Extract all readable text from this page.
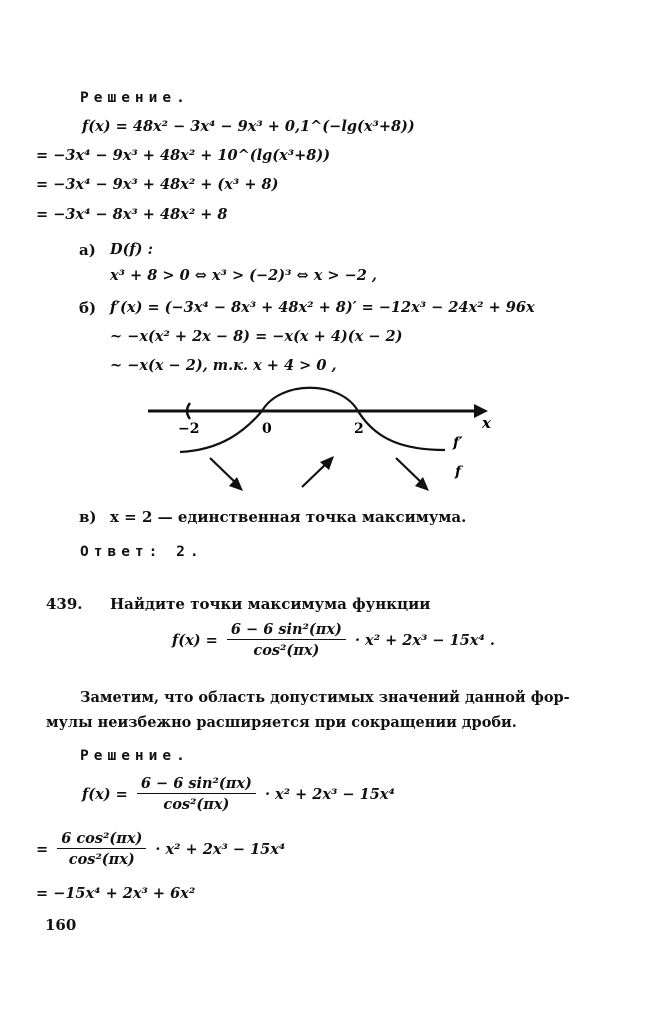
Решение.
f(x) = 48x² − 3x⁴ − 9x³ + 0,1^(−lg(x³+8))
= −3x⁴ − 9x³ + 48x² + 10^(lg(x³+8))
= −3x⁴ − 9x³ + 48x² + (x³ + 8)
= −3x⁴ − 8x³ + 48x² + 8
а) D(f) :
x³ + 8 > 0 ⇔ x³ > (−2)³ ⇔ x > −2 ,
б) f′(x) = (−3x⁴ − 8x³ + 48x² + 8)′ = −12x³ − 24x² + 96x
~ −x(x² + 2x − 8) = −x(x + 4)(x − 2)
~ −x(x − 2), т.к. x + 4 > 0 ,
−2	0	2	x
f′
f
в) x = 2 — единственная точка максимума.
Ответ: 2.
439. Найдите точки максимума функции
$f(x) = \frac{\text{6 − 6 sin²(πx)}}{\text{cos²(πx)}} \cdot x^2 + 2x^3 - 15x^4$ .
Заметим, что область допустимых значений данной фор-
мулы неизбежно расширяется при сокращении дроби.
Решение.
$f(x) = \frac{\text{6 − 6 sin²(πx)}}{\text{cos²(πx)}} \cdot x^2 + 2x^3 - 15x^4$
= $\frac{\text{6 cos²(πx)}}{\text{cos²(πx)}} \cdot x^2 + 2x^3 - 15x^4$
= −15x⁴ + 2x³ + 6x²
160
